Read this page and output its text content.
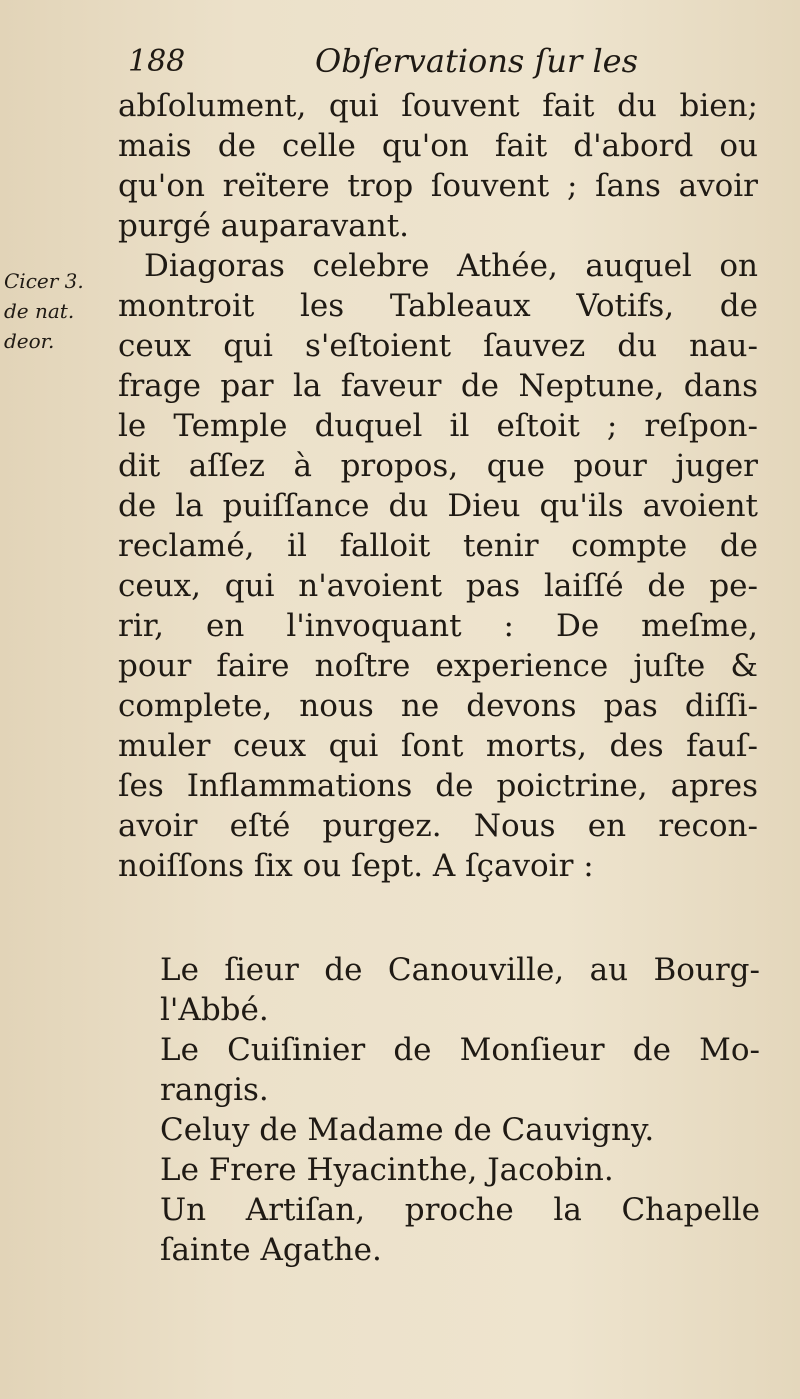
188	Obſervations ſur les
Cicer 3.
de nat.
deor.
abſolument, qui ſouvent fait du bien;
mais de celle qu'on fait d'abord ou
qu'on reïtere trop ſouvent ; ſans avoir
purgé auparavant.
Diagoras celebre Athée, auquel on
montroit les Tableaux Votifs, de
ceux qui s'eſtoient ſauvez du nau-
frage par la faveur de Neptune, dans
le Temple duquel il eſtoit ; reſpon-
dit aſſez à propos, que pour juger
de la puiſſance du Dieu qu'ils avoient
reclamé, il falloit tenir compte de
ceux, qui n'avoient pas laiſſé de pe-
rir, en l'invoquant : De meſme,
pour faire noſtre experience juſte &
complete, nous ne devons pas diſſi-
muler ceux qui ſont morts, des fauſ-
ſes Inflammations de poictrine, apres
avoir eſté purgez. Nous en recon-
noiſſons ſix ou ſept. A ſçavoir :
Le ſieur de Canouville, au Bourg-
l'Abbé.
Le Cuiſinier de Monſieur de Mo-
rangis.
Celuy de Madame de Cauvigny.
Le Frere Hyacinthe, Jacobin.
Un Artiſan, proche la Chapelle
ſainte Agathe.
